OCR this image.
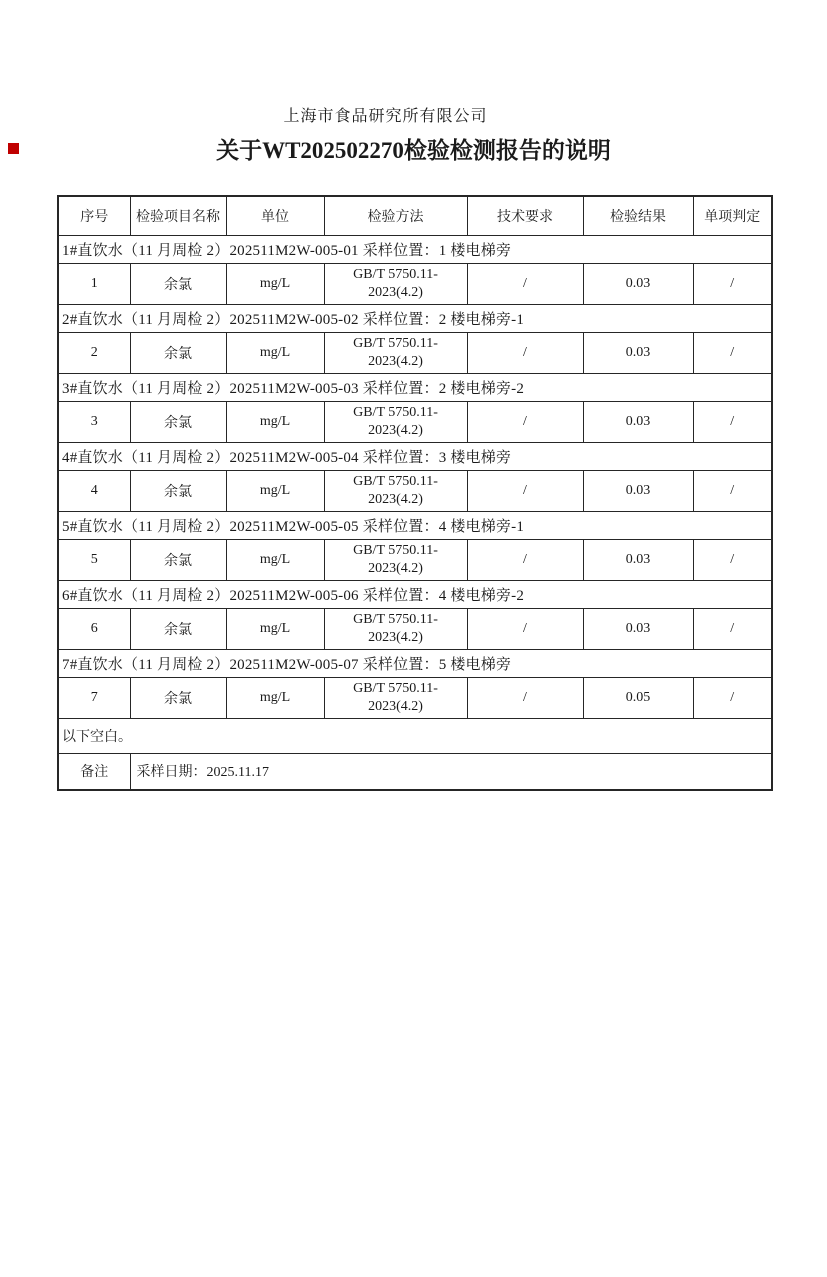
上海市食品研究所有限公司
关于WT202502270检验检测报告的说明
序号	检验项目名称	单位	检验方法	技术要求	检验结果	单项判定
1#直饮水（11 月周检 2）202511M2W-005-01 采样位置：1 楼电梯旁						
1	余氯	mg/L	GB/T 5750.11-2023(4.2)	/	0.03	/
2#直饮水（11 月周检 2）202511M2W-005-02 采样位置：2 楼电梯旁-1						
2	余氯	mg/L	GB/T 5750.11-2023(4.2)	/	0.03	/
3#直饮水（11 月周检 2）202511M2W-005-03 采样位置：2 楼电梯旁-2						
3	余氯	mg/L	GB/T 5750.11-2023(4.2)	/	0.03	/
4#直饮水（11 月周检 2）202511M2W-005-04 采样位置：3 楼电梯旁						
4	余氯	mg/L	GB/T 5750.11-2023(4.2)	/	0.03	/
5#直饮水（11 月周检 2）202511M2W-005-05 采样位置：4 楼电梯旁-1						
5	余氯	mg/L	GB/T 5750.11-2023(4.2)	/	0.03	/
6#直饮水（11 月周检 2）202511M2W-005-06 采样位置：4 楼电梯旁-2						
6	余氯	mg/L	GB/T 5750.11-2023(4.2)	/	0.03	/
7#直饮水（11 月周检 2）202511M2W-005-07 采样位置：5 楼电梯旁						
7	余氯	mg/L	GB/T 5750.11-2023(4.2)	/	0.05	/
以下空白。						
备注	采样日期：2025.11.17					
